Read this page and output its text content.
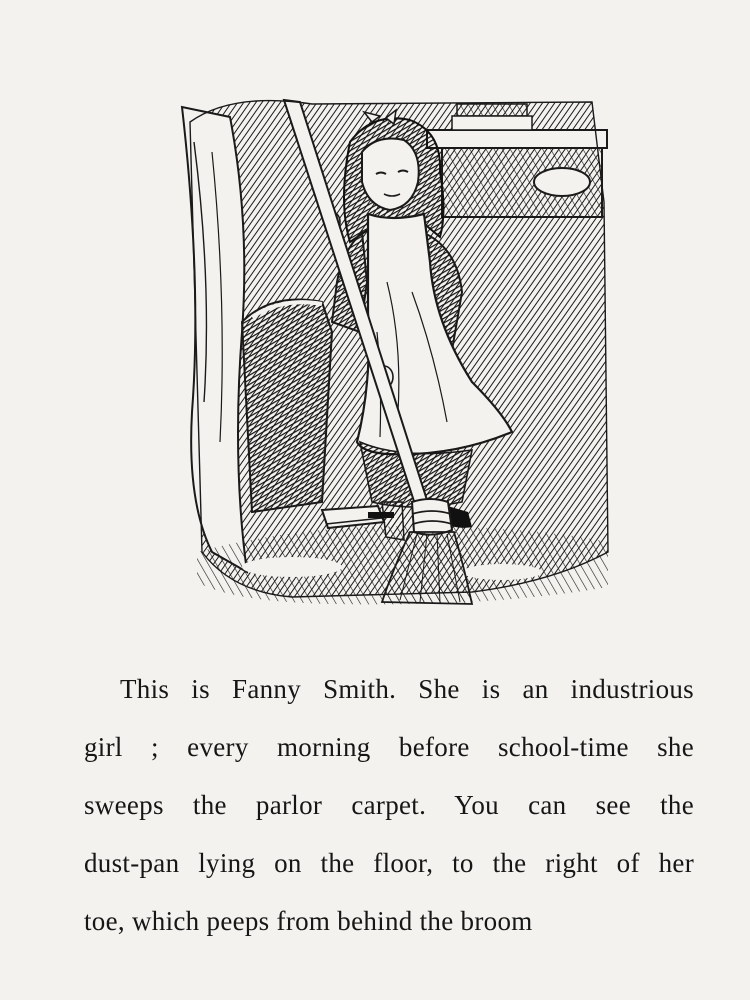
This is Fanny Smith. She is an industrious

girl ; every morning before school-time she

sweeps the parlor carpet. You can see the

dust-pan lying on the floor, to the right of her

toe, which peeps from behind the broom
